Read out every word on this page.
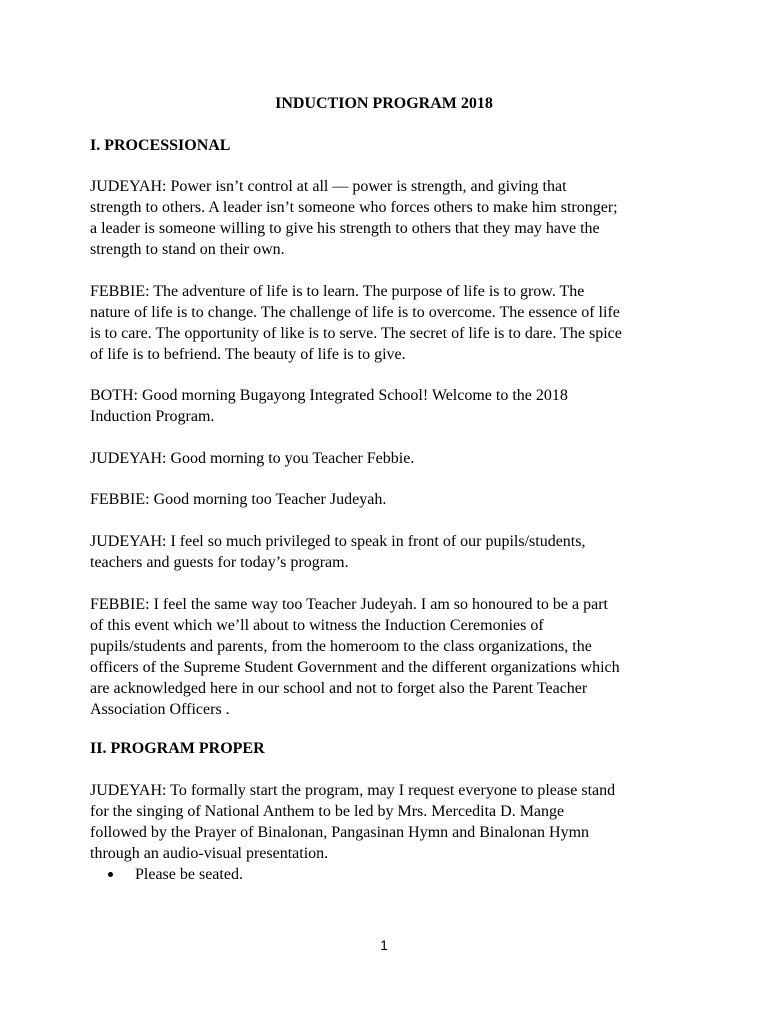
INDUCTION PROGRAM 2018
I. PROCESSIONAL

JUDEYAH: Power isn’t control at all — power is strength, and giving that
strength to others. A leader isn’t someone who forces others to make him stronger;
a leader is someone willing to give his strength to others that they may have the
strength to stand on their own.

FEBBIE: The adventure of life is to learn. The purpose of life is to grow. The
nature of life is to change. The challenge of life is to overcome. The essence of life
is to care. The opportunity of like is to serve. The secret of life is to dare. The spice
of life is to befriend. The beauty of life is to give.

BOTH: Good morning Bugayong Integrated School! Welcome to the 2018
Induction Program.

JUDEYAH: Good morning to you Teacher Febbie.

FEBBIE: Good morning too Teacher Judeyah.

JUDEYAH: I feel so much privileged to speak in front of our pupils/students,
teachers and guests for today’s program.

FEBBIE: I feel the same way too Teacher Judeyah. I am so honoured to be a part
of this event which we’ll about to witness the Induction Ceremonies of
pupils/students and parents, from the homeroom to the class organizations, the
officers of the Supreme Student Government and the different organizations which
are acknowledged here in our school and not to forget also the Parent Teacher
Association Officers .

II. PROGRAM PROPER

JUDEYAH: To formally start the program, may I request everyone to please stand
for the singing of National Anthem to be led by Mrs. Mercedita D. Mange
followed by the Prayer of Binalonan, Pangasinan Hymn and Binalonan Hymn
through an audio-visual presentation.

Please be seated.
1
